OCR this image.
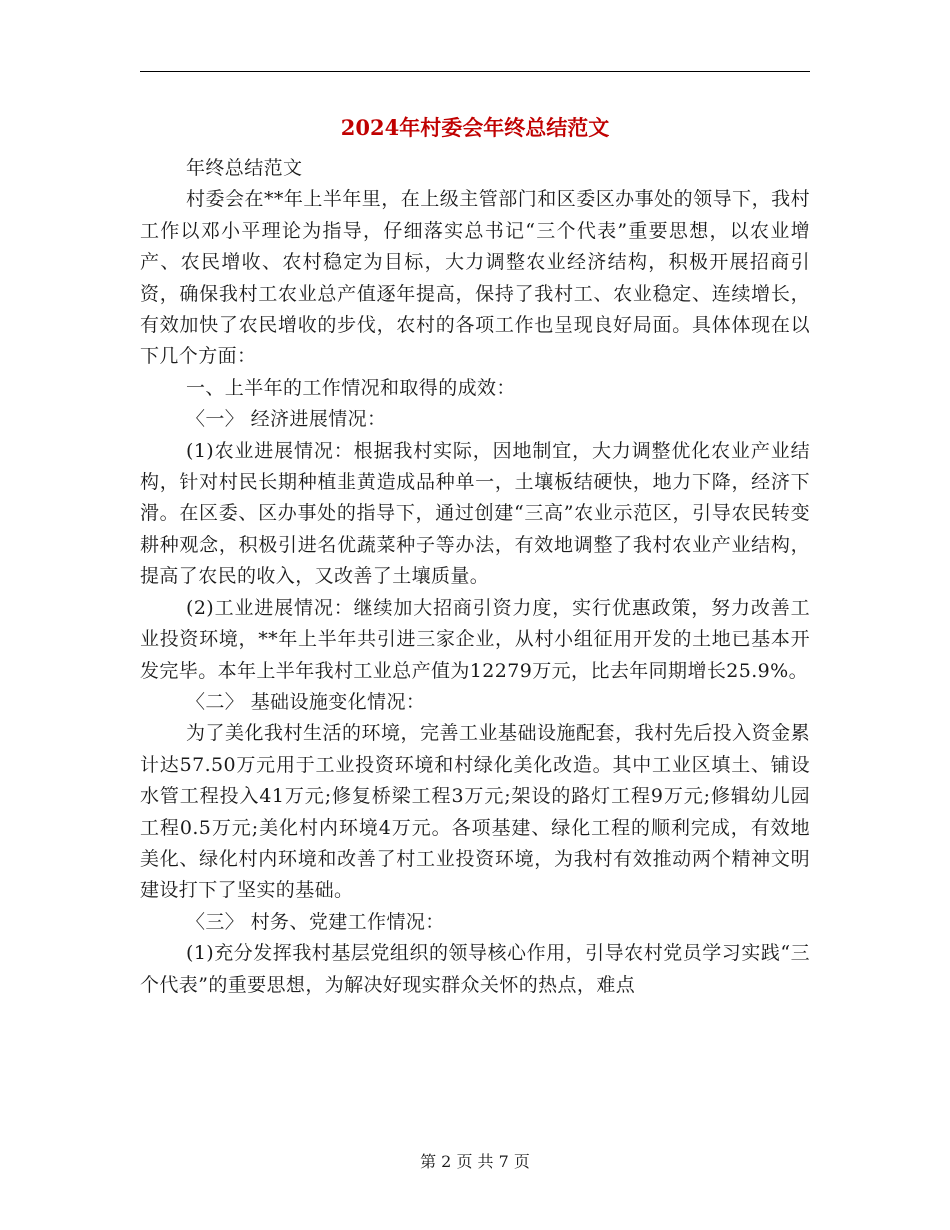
2024年村委会年终总结范文

年终总结范文

村委会在**年上半年里，在上级主管部门和区委区办事处的领导下，我村工作以邓小平理论为指导，仔细落实总书记“三个代表”重要思想，以农业增产、农民增收、农村稳定为目标，大力调整农业经济结构，积极开展招商引资，确保我村工农业总产值逐年提高，保持了我村工、农业稳定、连续增长，有效加快了农民增收的步伐，农村的各项工作也呈现良好局面。具体体现在以下几个方面：

一、上半年的工作情况和取得的成效：

〈一〉 经济进展情况：

(1)农业进展情况：根据我村实际，因地制宜，大力调整优化农业产业结构，针对村民长期种植韭黄造成品种单一，土壤板结硬快，地力下降，经济下滑。在区委、区办事处的指导下，通过创建“三高”农业示范区，引导农民转变耕种观念，积极引进名优蔬菜种子等办法，有效地调整了我村农业产业结构，提高了农民的收入，又改善了土壤质量。

(2)工业进展情况：继续加大招商引资力度，实行优惠政策，努力改善工业投资环境，**年上半年共引进三家企业，从村小组征用开发的土地已基本开发完毕。本年上半年我村工业总产值为12279万元，比去年同期增长25.9%。

〈二〉 基础设施变化情况：

为了美化我村生活的环境，完善工业基础设施配套，我村先后投入资金累计达57.50万元用于工业投资环境和村绿化美化改造。其中工业区填土、铺设水管工程投入41万元;修复桥梁工程3万元;架设的路灯工程9万元;修辑幼儿园工程0.5万元;美化村内环境4万元。各项基建、绿化工程的顺利完成，有效地美化、绿化村内环境和改善了村工业投资环境，为我村有效推动两个精神文明建设打下了坚实的基础。

〈三〉 村务、党建工作情况：

(1)充分发挥我村基层党组织的领导核心作用，引导农村党员学习实践“三个代表”的重要思想，为解决好现实群众关怀的热点，难点

第 2 页 共 7 页
